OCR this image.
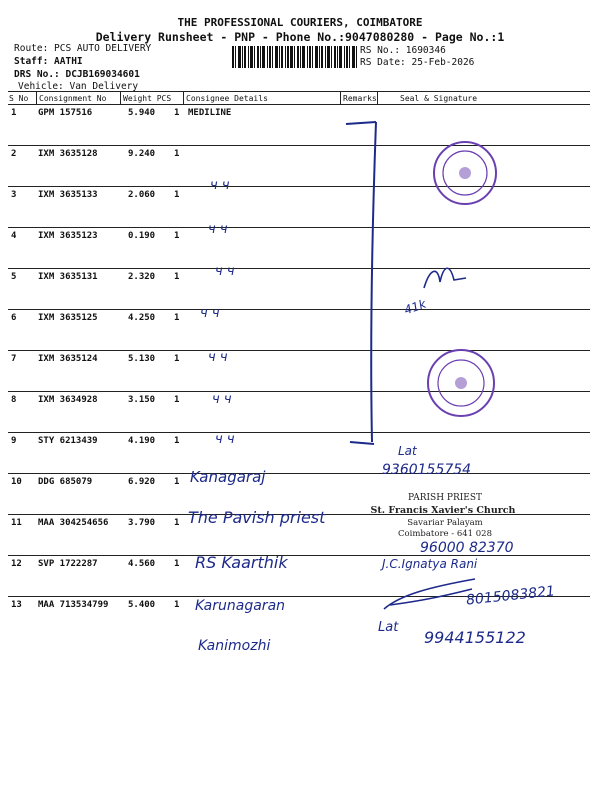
THE PROFESSIONAL COURIERS, COIMBATORE
Delivery Runsheet - PNP - Phone No.:9047080280 - Page No.:1
Route: PCS AUTO DELIVERY
Staff: AATHI
DRS No.: DCJB169034601
Vehicle: Van Delivery
RS No.: 1690346
RS Date: 25-Feb-2026
S No Consignment No Weight PCS Consignee Details	Remarks	Seal & Signature
1 GPM 157516	5.940 1 MEDILINE
2 IXM 3635128	9.240 1
3 IXM 3635133	2.060 1
4 IXM 3635123	0.190 1
5 IXM 3635131	2.320 1
6 IXM 3635125	4.250 1
7 IXM 3635124	5.130 1
8 IXM 3634928	3.150 1
9 STY 6213439	4.190 1
10 DDG 685079	6.920 1
11 MAA 304254656 3.790 1
12 SVP 1722287	4.560 1
13 MAA 713534799 5.400 1
ч ч
ч ч
ч ч
ч ч
ч ч
ч ч
ч ч
Kanagaraj
The Pavish priest
RS Kaarthik
Karunagaran
Kanimozhi
9360155754
96000 82370
8015083821
9944155122
J.C.Ignatya Rani
41k
Lat
Lat
PARISH PRIEST
St. Francis Xavier's Church
Savariar Palayam
Coimbatore - 641 028
